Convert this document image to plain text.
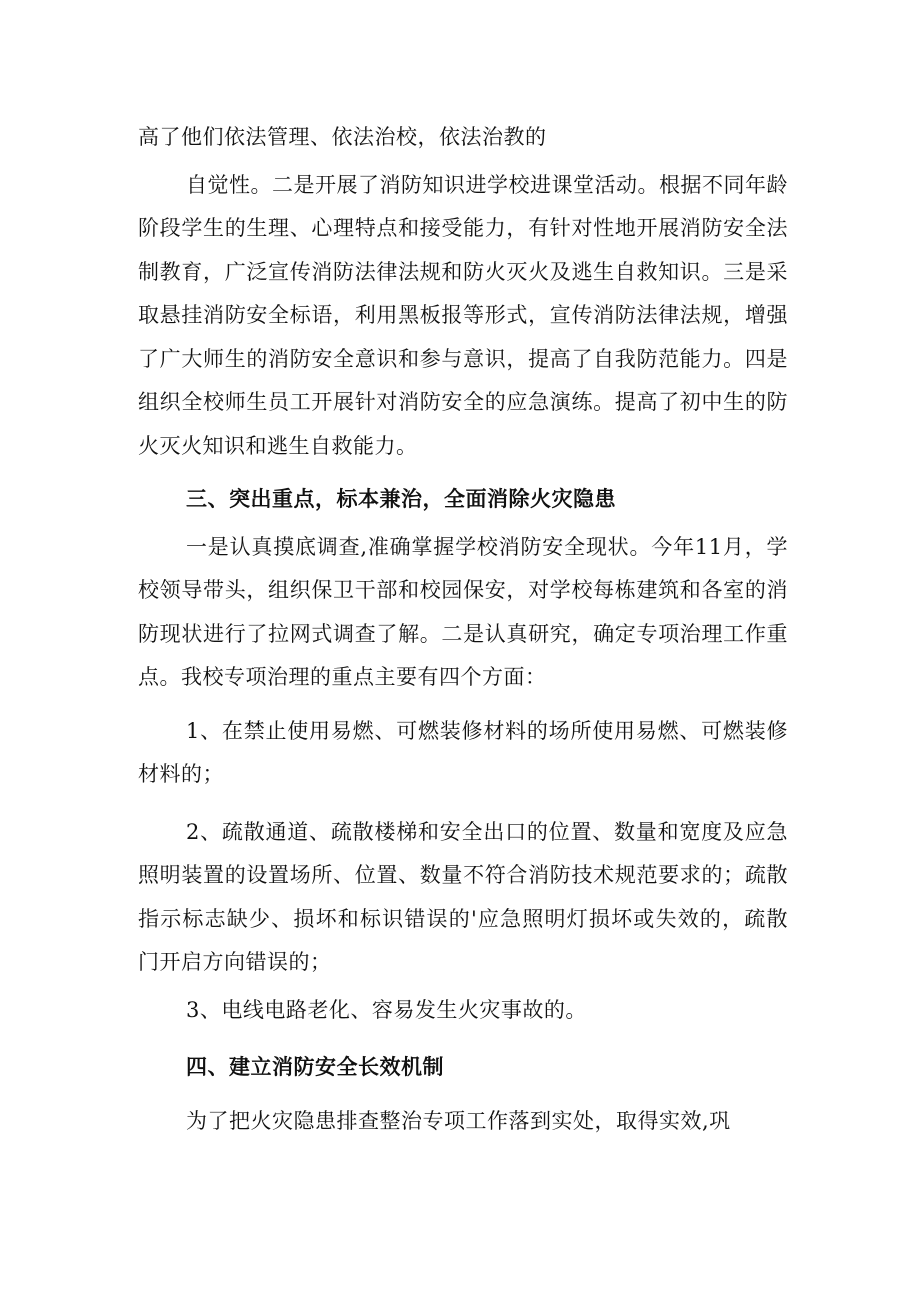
高了他们依法管理、依法治校，依法治教的

自觉性。二是开展了消防知识进学校进课堂活动。根据不同年龄阶段学生的生理、心理特点和接受能力，有针对性地开展消防安全法制教育，广泛宣传消防法律法规和防火灭火及逃生自救知识。三是采取悬挂消防安全标语，利用黑板报等形式，宣传消防法律法规，增强了广大师生的消防安全意识和参与意识，提高了自我防范能力。四是组织全校师生员工开展针对消防安全的应急演练。提高了初中生的防火灭火知识和逃生自救能力。

三、突出重点，标本兼治，全面消除火灾隐患

一是认真摸底调查,准确掌握学校消防安全现状。今年11月，学校领导带头，组织保卫干部和校园保安，对学校每栋建筑和各室的消防现状进行了拉网式调查了解。二是认真研究，确定专项治理工作重点。我校专项治理的重点主要有四个方面：

1、在禁止使用易燃、可燃装修材料的场所使用易燃、可燃装修材料的；

2、疏散通道、疏散楼梯和安全出口的位置、数量和宽度及应急照明装置的设置场所、位置、数量不符合消防技术规范要求的；疏散指示标志缺少、损坏和标识错误的'应急照明灯损坏或失效的，疏散门开启方向错误的；

3、电线电路老化、容易发生火灾事故的。

四、建立消防安全长效机制

为了把火灾隐患排查整治专项工作落到实处，取得实效,巩
